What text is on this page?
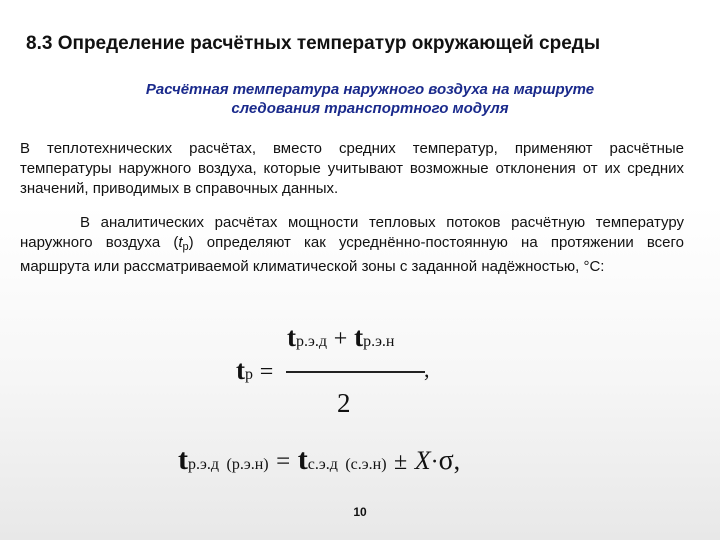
8.3 Определение расчётных температур окружающей среды
Расчётная температура наружного воздуха на маршруте
следования транспортного модуля
В теплотехнических расчётах, вместо средних температур, применяют расчётные температуры наружного воздуха, которые учитывают возможные отклонения от их средних значений, приводимых в справочных данных.
В аналитических расчётах мощности тепловых потоков расчётную температуру наружного воздуха $(t_р)$ определяют как усреднённо-постоянную на протяжении всего маршрута или рассматриваемой климатической зоны с заданной надёжностью, °С:
tр.э.д + tр.э.н
tр =	,
2
tр.э.д (р.э.н) = tс.э.д (с.э.н) ± X·σ,
10
